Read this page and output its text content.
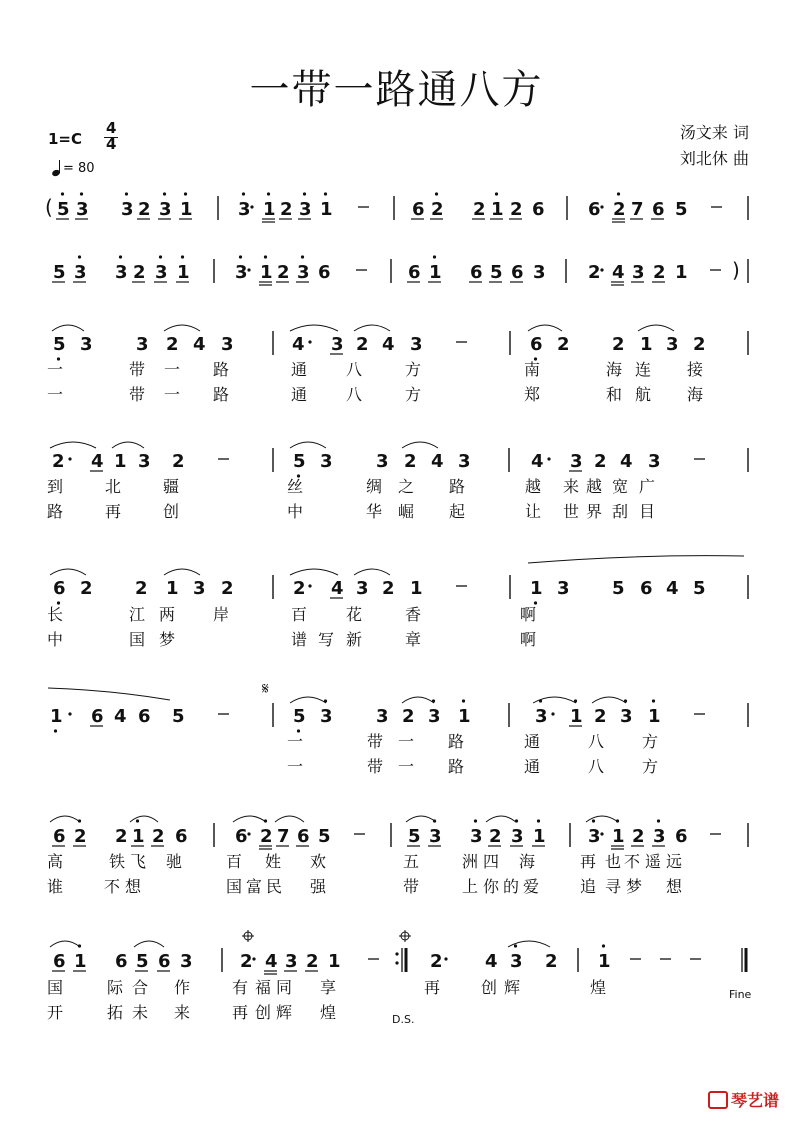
一带一路通八方
1=C
4
4
= 80
汤文来 词
刘北休 曲
( 5 3 3 2 3 1	3 1 2 3 1	6 2 2 1 2 6 6 2 7 6 5
5 3 3 2 3 1	3 1 2 3 6	6 1 6 5 6 3 2 4 3 2 1 )
5 3 3 2 4 3	4 3 2 4 3	6 2 2 1 3 2
2 4 1 3 2	5 3 3 2 4 3	4 3 2 4 3
6 2 2 1 3 2	2 4 3 2 1	1 3 5 6 4 5
1 6 4 6 5	5 3 3 2 3 1	3 1 2 3 1
6 2 2 1 2 6	6 2 7 6 5	5 3 3 2 3 1 3 1 2 3 6
6 1 6 5 6 3	2 4 3 2 1	2 4 3 2 1
一	带 一 路	通 八	方	南	海 连 接
一	带 一 路	通 八	方	郑	和 航 海
到	北	疆	丝	绸 之 路	越 来 越 宽 广
路	再	创	中	华 崛 起	让 世 界 刮 目
长	江 两 岸	百 花	香	啊
中	国 梦	谱 写 新	章	啊
一	带 一 路	通	八 方
一	带 一 路	通	八 方
高	铁 飞 驰	百 姓 欢	五	洲 四 海	再 也 不 遥 远
谁	不 想	国 富 民 强	带	上 你 的 爱	追 寻 梦 想
国	际 合 作	有 福 同 享	再	创 辉	煌
开	拓 未 来	再 创 辉 煌
𝄋
Fine
D.S.
琴艺谱
